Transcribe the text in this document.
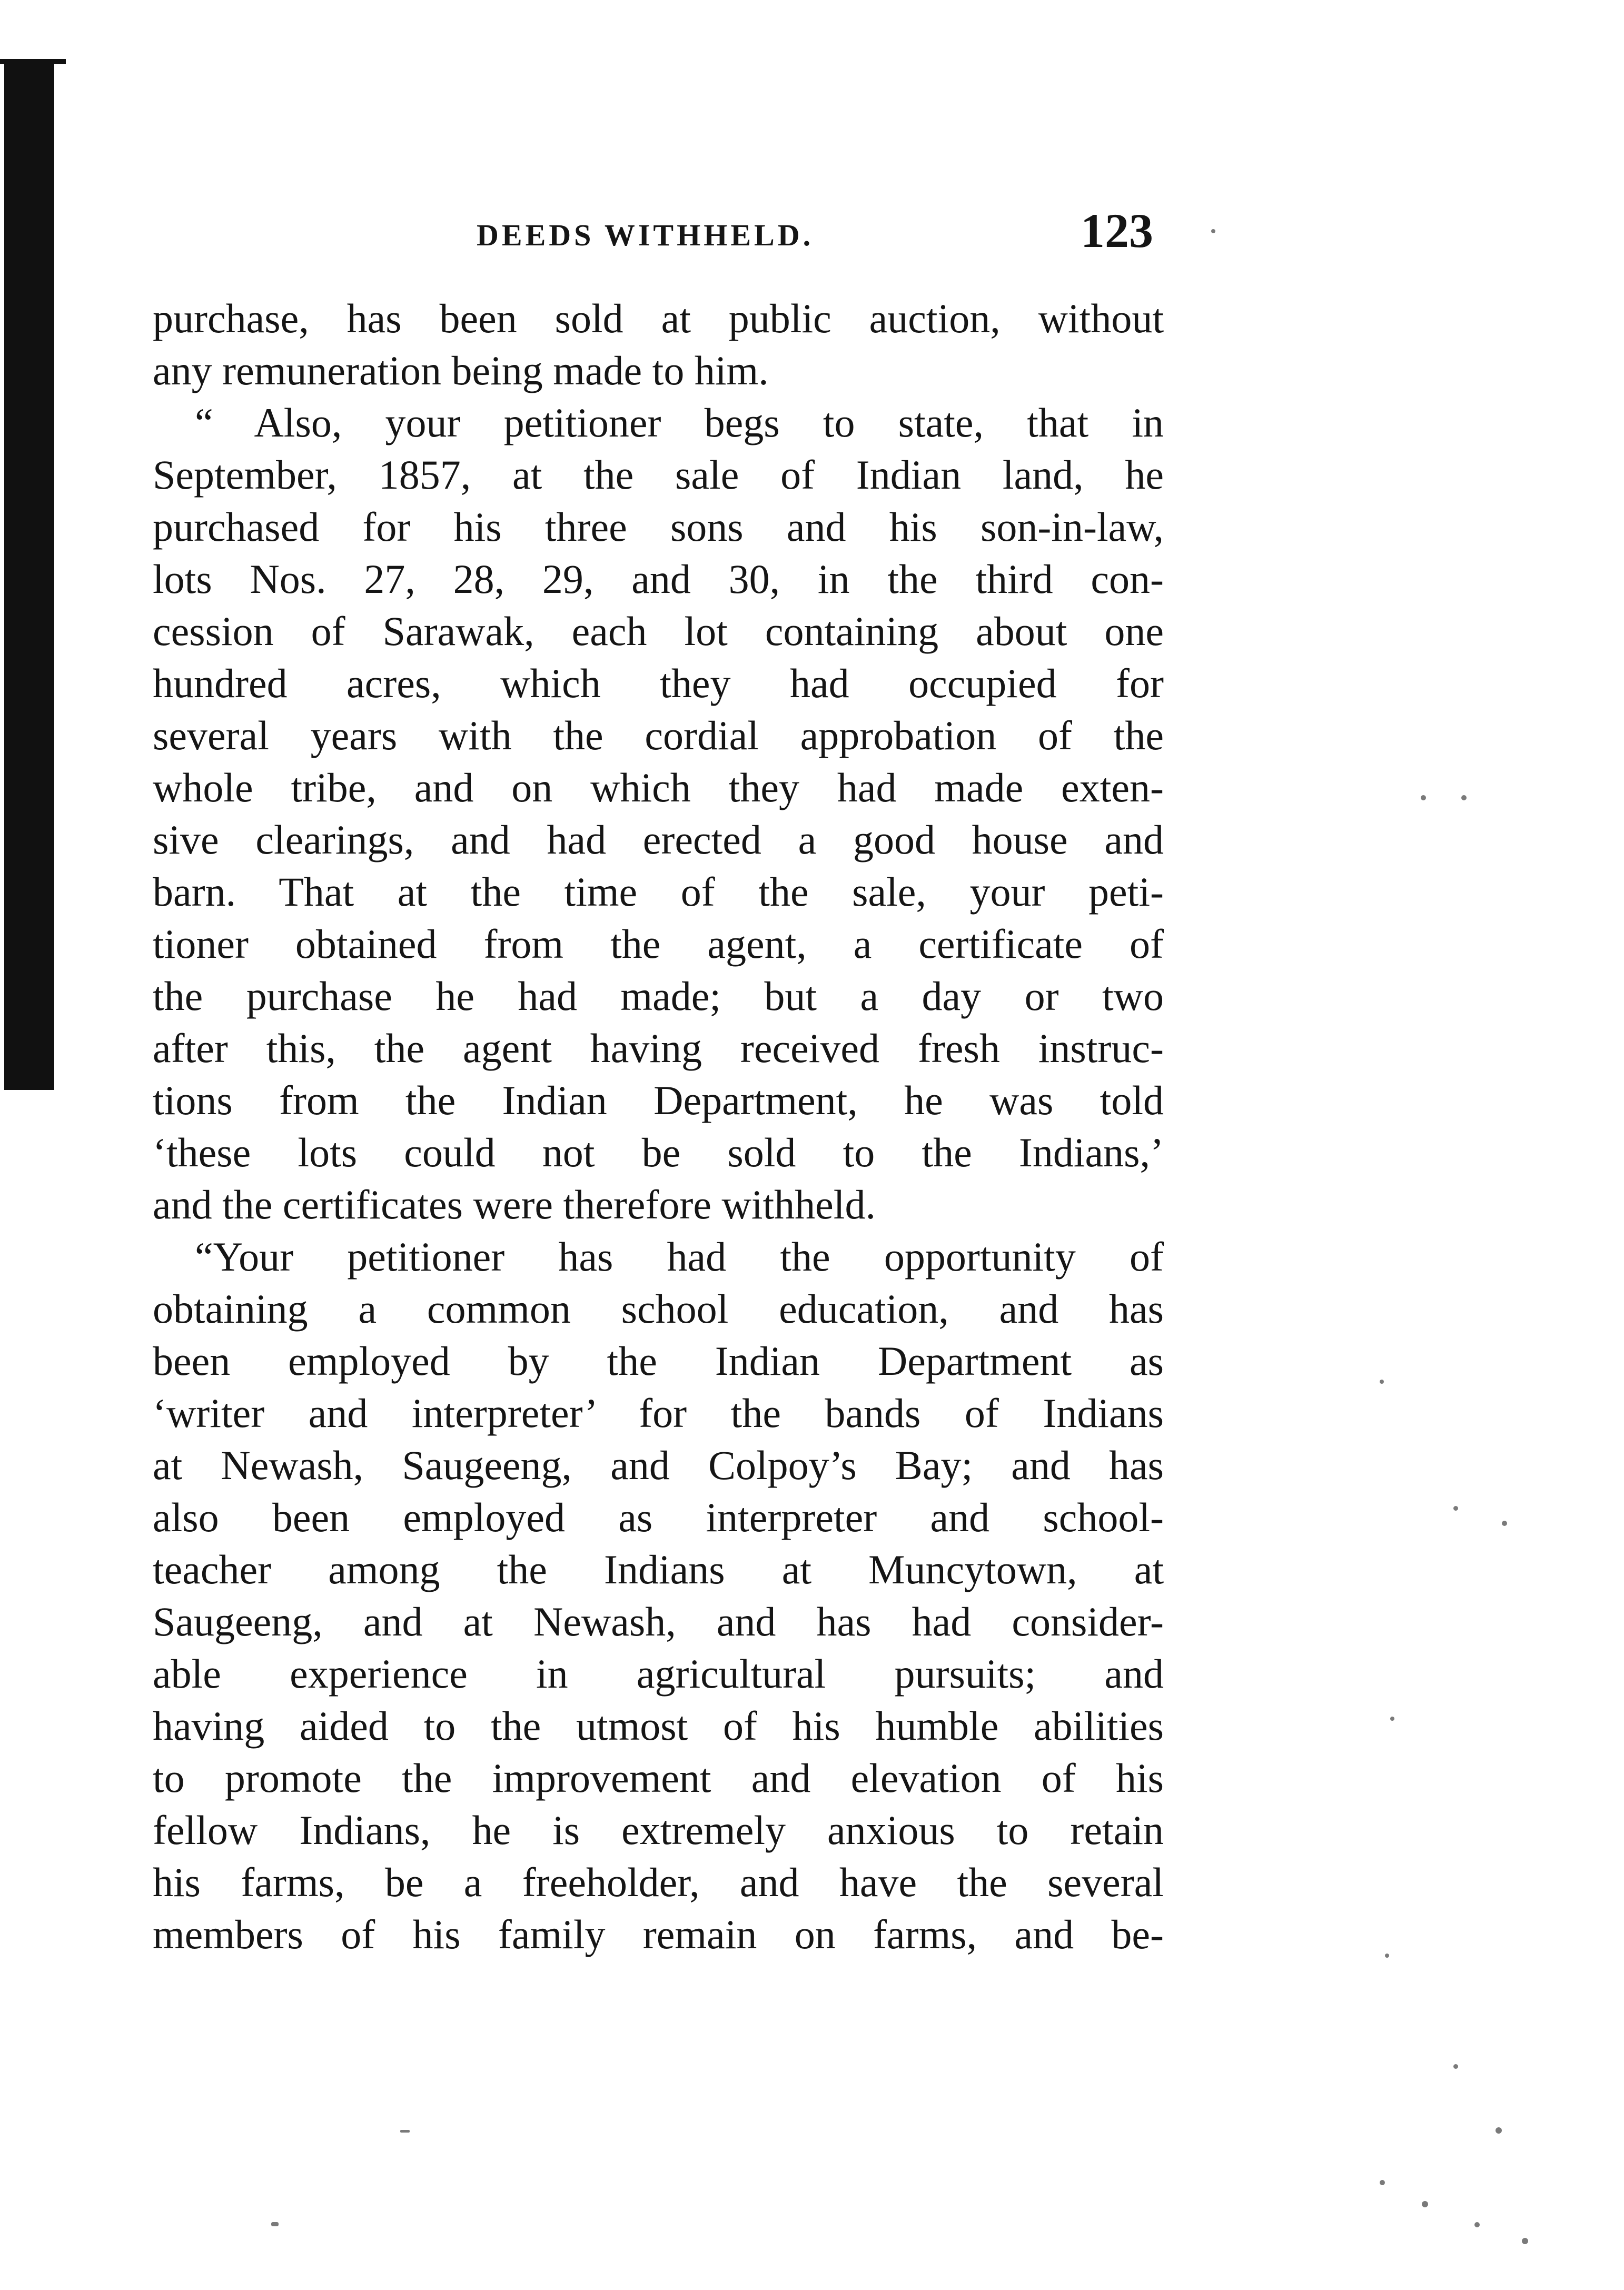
DEEDS WITHHELD.	123
purchase, has been sold at public auction, without
any remuneration being made to him.
“ Also, your petitioner begs to state, that in
September, 1857, at the sale of Indian land, he
purchased for his three sons and his son-in-law,
lots Nos. 27, 28, 29, and 30, in the third con-
cession of Sarawak, each lot containing about one
hundred acres, which they had occupied for
several years with the cordial approbation of the
whole tribe, and on which they had made exten-
sive clearings, and had erected a good house and
barn. That at the time of the sale, your peti-
tioner obtained from the agent, a certificate of
the purchase he had made; but a day or two
after this, the agent having received fresh instruc-
tions from the Indian Department, he was told
‘these lots could not be sold to the Indians,’
and the certificates were therefore withheld.
“Your petitioner has had the opportunity of
obtaining a common school education, and has
been employed by the Indian Department as
‘writer and interpreter’ for the bands of Indians
at Newash, Saugeeng, and Colpoy’s Bay; and has
also been employed as interpreter and school-
teacher among the Indians at Muncytown, at
Saugeeng, and at Newash, and has had consider-
able experience in agricultural pursuits; and
having aided to the utmost of his humble abilities
to promote the improvement and elevation of his
fellow Indians, he is extremely anxious to retain
his farms, be a freeholder, and have the several
members of his family remain on farms, and be-
